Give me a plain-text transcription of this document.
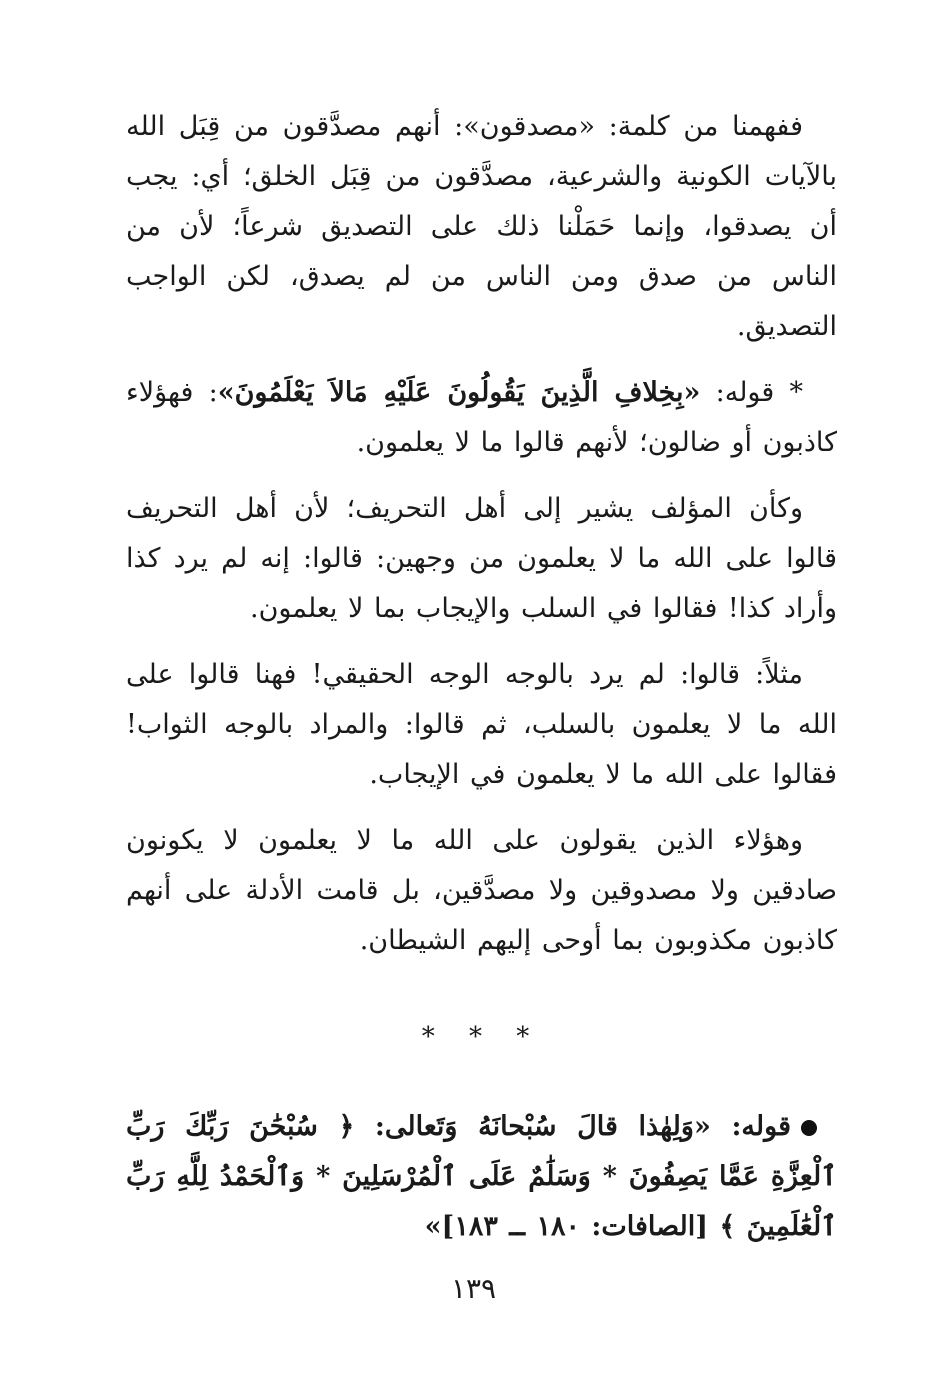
ففهمنا من كلمة: «مصدقون»: أنهم مصدَّقون من قِبَل الله بالآيات الكونية والشرعية، مصدَّقون من قِبَل الخلق؛ أي: يجب أن يصدقوا، وإنما حَمَلْنا ذلك على التصديق شرعاً؛ لأن من الناس من صدق ومن الناس من لم يصدق، لكن الواجب التصديق.

* قوله: «بِخِلافِ الَّذِينَ يَقُولُونَ عَلَيْهِ مَالاَ يَعْلَمُونَ»: فهؤلاء كاذبون أو ضالون؛ لأنهم قالوا ما لا يعلمون.

وكأن المؤلف يشير إلى أهل التحريف؛ لأن أهل التحريف قالوا على الله ما لا يعلمون من وجهين: قالوا: إنه لم يرد كذا وأراد كذا! فقالوا في السلب والإيجاب بما لا يعلمون.

مثلاً: قالوا: لم يرد بالوجه الوجه الحقيقي! فهنا قالوا على الله ما لا يعلمون بالسلب، ثم قالوا: والمراد بالوجه الثواب! فقالوا على الله ما لا يعلمون في الإيجاب.

وهؤلاء الذين يقولون على الله ما لا يعلمون لا يكونون صادقين ولا مصدوقين ولا مصدَّقين، بل قامت الأدلة على أنهم كاذبون مكذوبون بما أوحى إليهم الشيطان.

* * *

قوله: «وَلِهٰذا قالَ سُبْحانَهُ وَتَعالى: ﴿ سُبْحَٰنَ رَبِّكَ رَبِّ ٱلْعِزَّةِ عَمَّا يَصِفُونَ * وَسَلَٰمٌ عَلَى ٱلْمُرْسَلِينَ * وَٱلْحَمْدُ لِلَّهِ رَبِّ ٱلْعَٰلَمِينَ ﴾ [الصافات: ١٨٠ ــ ١٨٣]»

١٣٩
